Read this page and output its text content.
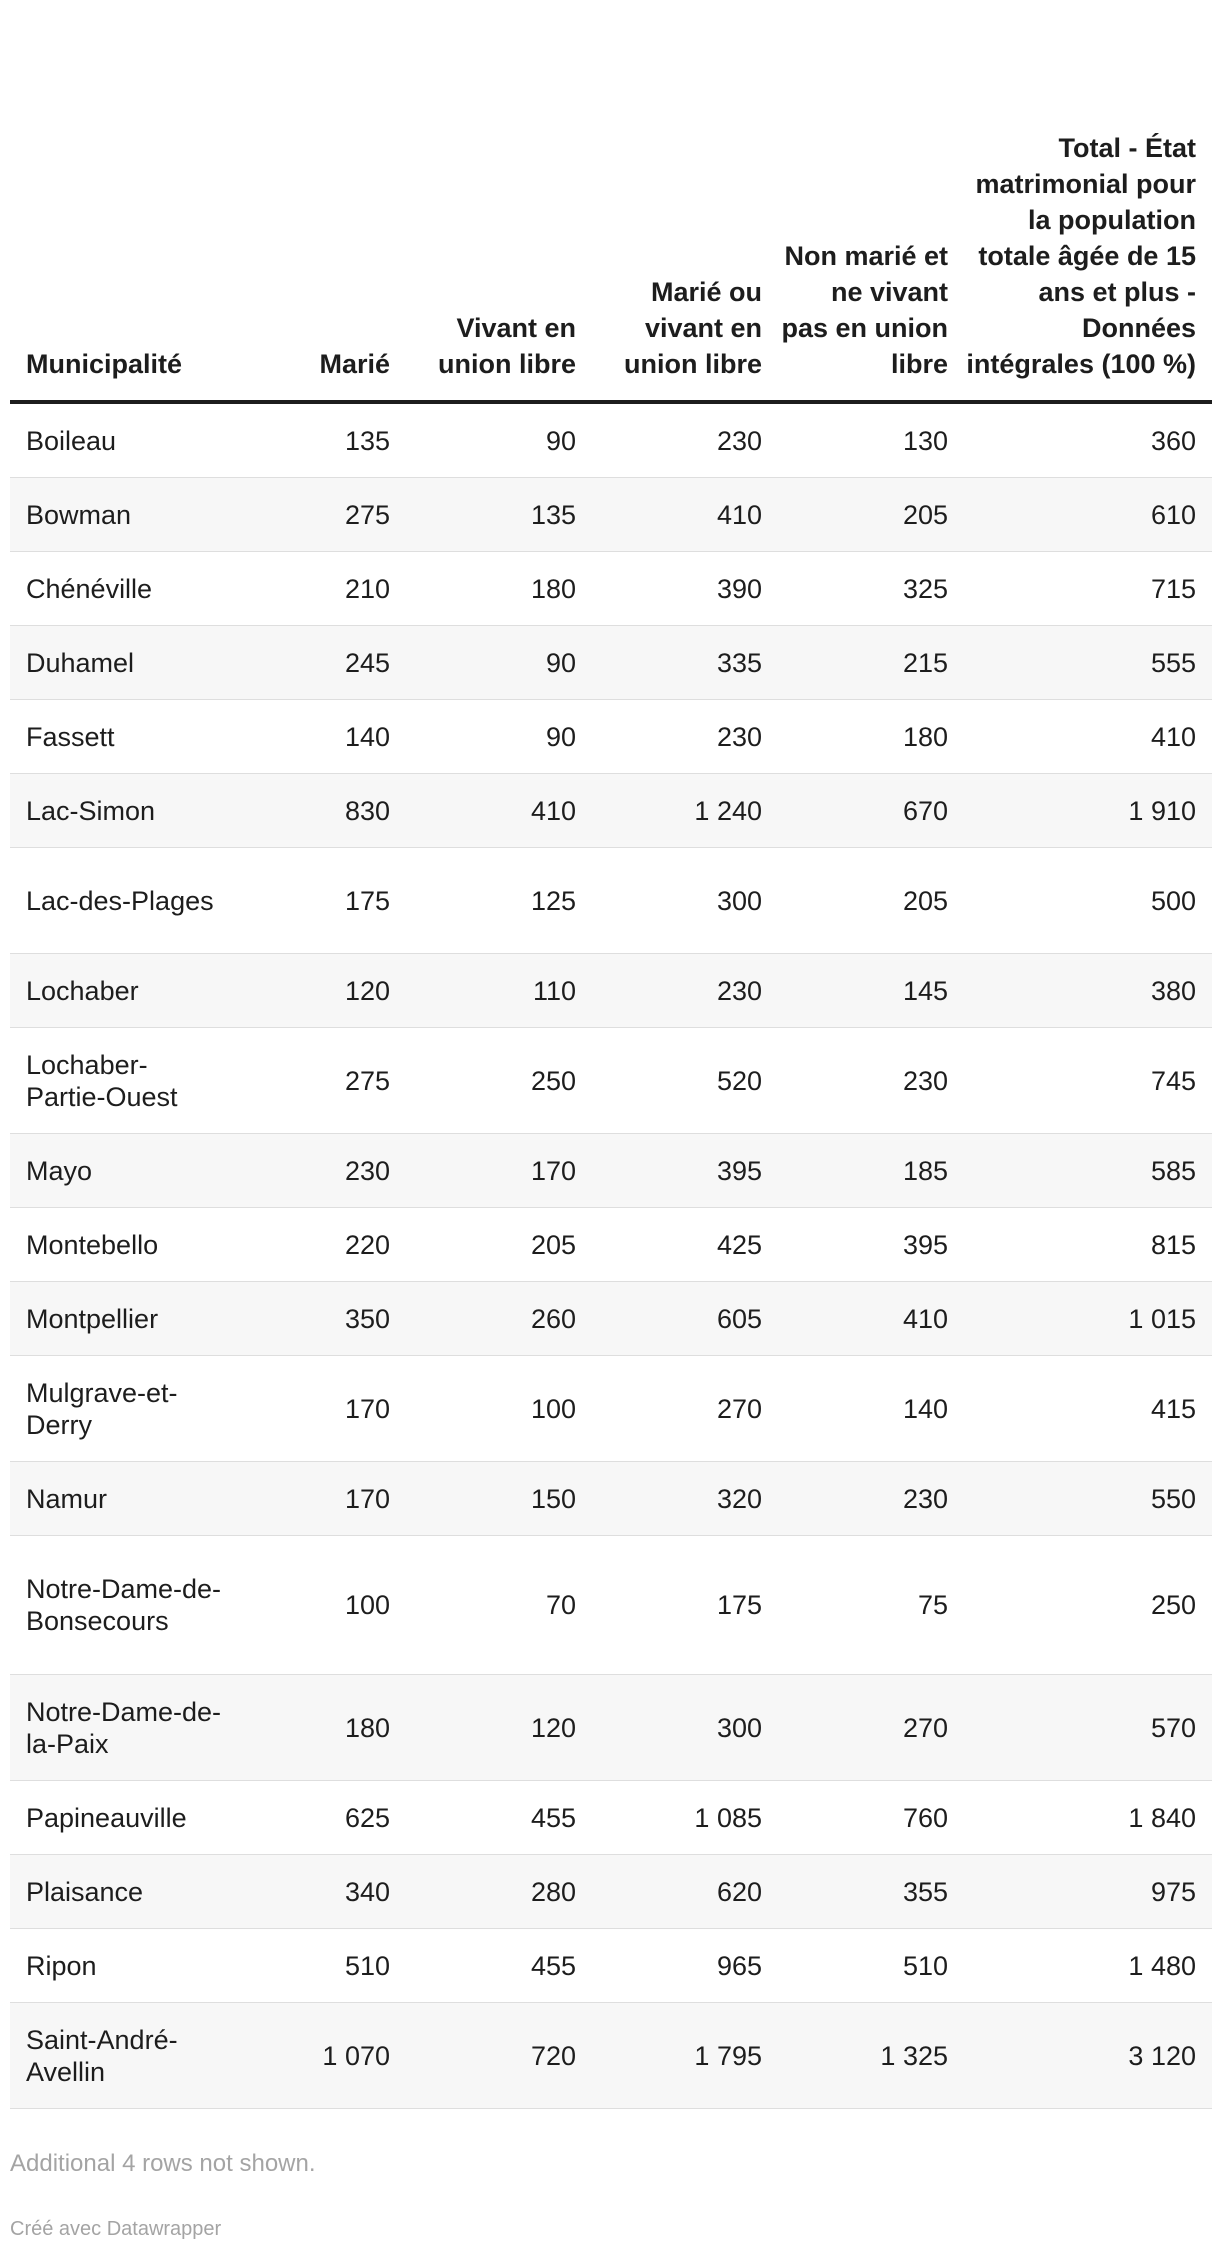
Municipalité	Marié	Vivant en union libre	Marié ou vivant en union libre	Non marié et ne vivant pas en union libre	Total - État matrimonial pour la population totale âgée de 15 ans et plus - Données intégrales (100 %)
Boileau	135	90	230	130	360
Bowman	275	135	410	205	610
Chénéville	210	180	390	325	715
Duhamel	245	90	335	215	555
Fassett	140	90	230	180	410
Lac-Simon	830	410	1 240	670	1 910
Lac-des-Plages	175	125	300	205	500
Lochaber	120	110	230	145	380
Lochaber-Partie-Ouest	275	250	520	230	745
Mayo	230	170	395	185	585
Montebello	220	205	425	395	815
Montpellier	350	260	605	410	1 015
Mulgrave-et-Derry	170	100	270	140	415
Namur	170	150	320	230	550
Notre-Dame-de-Bonsecours	100	70	175	75	250
Notre-Dame-de-la-Paix	180	120	300	270	570
Papineauville	625	455	1 085	760	1 840
Plaisance	340	280	620	355	975
Ripon	510	455	965	510	1 480
Saint-André-Avellin	1 070	720	1 795	1 325	3 120
Additional 4 rows not shown.
Créé avec Datawrapper
